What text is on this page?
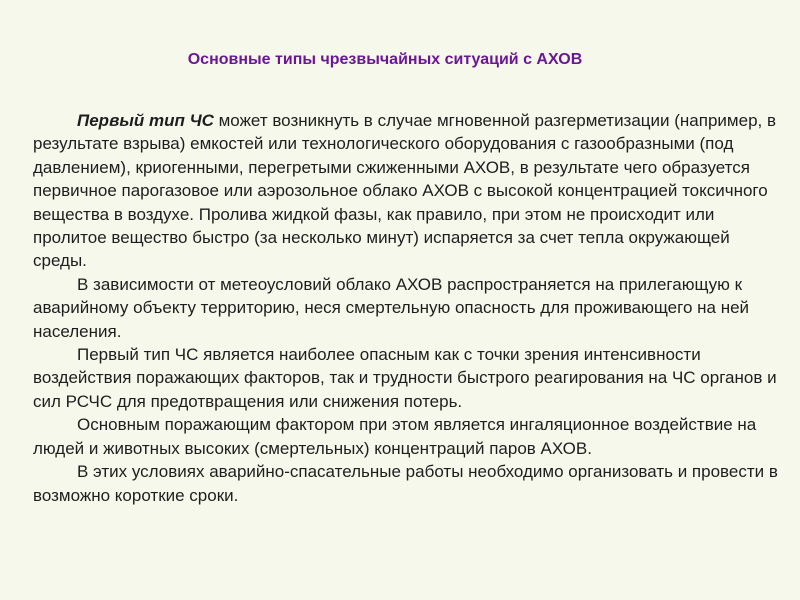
Основные типы чрезвычайных ситуаций с АХОВ

Первый тип ЧС может возникнуть в случае мгновенной разгерметизации (например, в результате взрыва) емкостей или технологического оборудования с газообразными (под давлением), криогенными, перегретыми сжиженными АХОВ, в результате чего образуется первичное парогазовое или аэрозольное облако АХОВ с высокой концентрацией токсичного вещества в воздухе. Пролива жидкой фазы, как правило, при этом не происходит или пролитое вещество быстро (за несколько минут) испаряется за счет тепла окружающей среды.

В зависимости от метеоусловий облако АХОВ распространяется на прилегающую к аварийному объекту территорию, неся смертельную опасность для проживающего на ней населения.

Первый тип ЧС является наиболее опасным как с точки зрения интенсивности воздействия поражающих факторов, так и трудности быстрого реагирования на ЧС органов и сил РСЧС для предотвращения или снижения потерь.

Основным поражающим фактором при этом является ингаляционное воздействие на людей и животных высоких (смертельных) концентраций паров АХОВ.

В этих условиях аварийно-спасательные работы необходимо организовать и провести в возможно короткие сроки.
